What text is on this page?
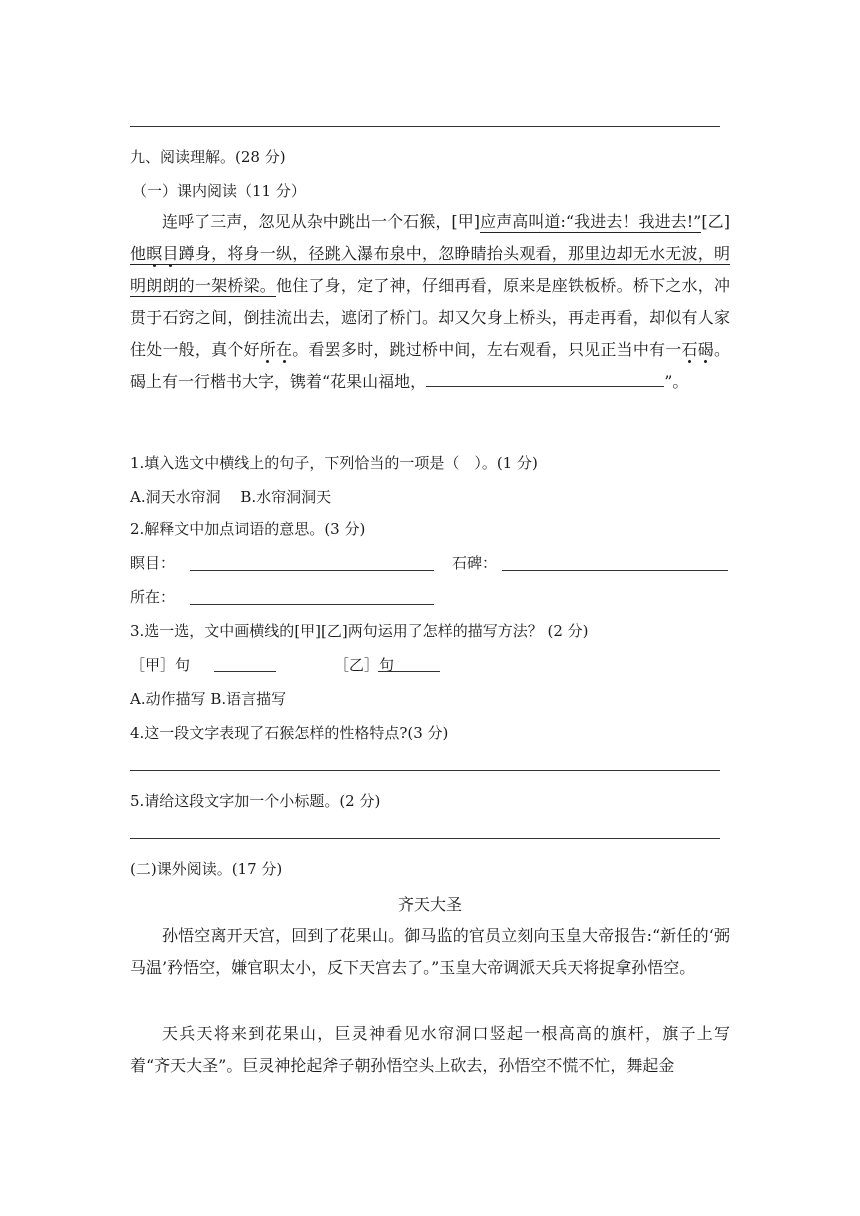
九、阅读理解。(28 分)
（一）课内阅读（11 分）

连呼了三声，忽见从杂中跳出一个石猴，[甲]应声高叫道:“我进去！我进去!”[乙]他瞑目蹲身，将身一纵，径跳入瀑布泉中，忽睁睛抬头观看，那里边却无水无波，明明朗朗的一架桥梁。他住了身，定了神，仔细再看，原来是座铁板桥。桥下之水，冲贯于石窍之间，倒挂流出去，遮闭了桥门。却又欠身上桥头，再走再看，却似有人家住处一般，真个好所在。看罢多时，跳过桥中间，左右观看，只见正当中有一石碣。碣上有一行楷书大字，镌着“花果山福地，	”。

1.填入选文中横线上的句子，下列恰当的一项是（　）。(1 分)
A.洞天水帘洞　 B.水帘洞洞天
2.解释文中加点词语的意思。(3 分)
瞑目：	石碑：
所在：
3.选一选，文中画横线的[甲][乙]两句运用了怎样的描写方法？ (2 分)
［甲］句	［乙］句
A.动作描写 B.语言描写
4.这一段文字表现了石猴怎样的性格特点?(3 分)
5.请给这段文字加一个小标题。(2 分)
(二)课外阅读。(17 分)
齐天大圣

孙悟空离开天宫，回到了花果山。御马监的官员立刻向玉皇大帝报告:“新任的‘弼马温’矜悟空，嫌官职太小，反下天宫去了。”玉皇大帝调派天兵天将捉拿孙悟空。

天兵天将来到花果山，巨灵神看见水帘洞口竖起一根高高的旗杆，旗子上写着“齐天大圣”。巨灵神抡起斧子朝孙悟空头上砍去，孙悟空不慌不忙，舞起金
